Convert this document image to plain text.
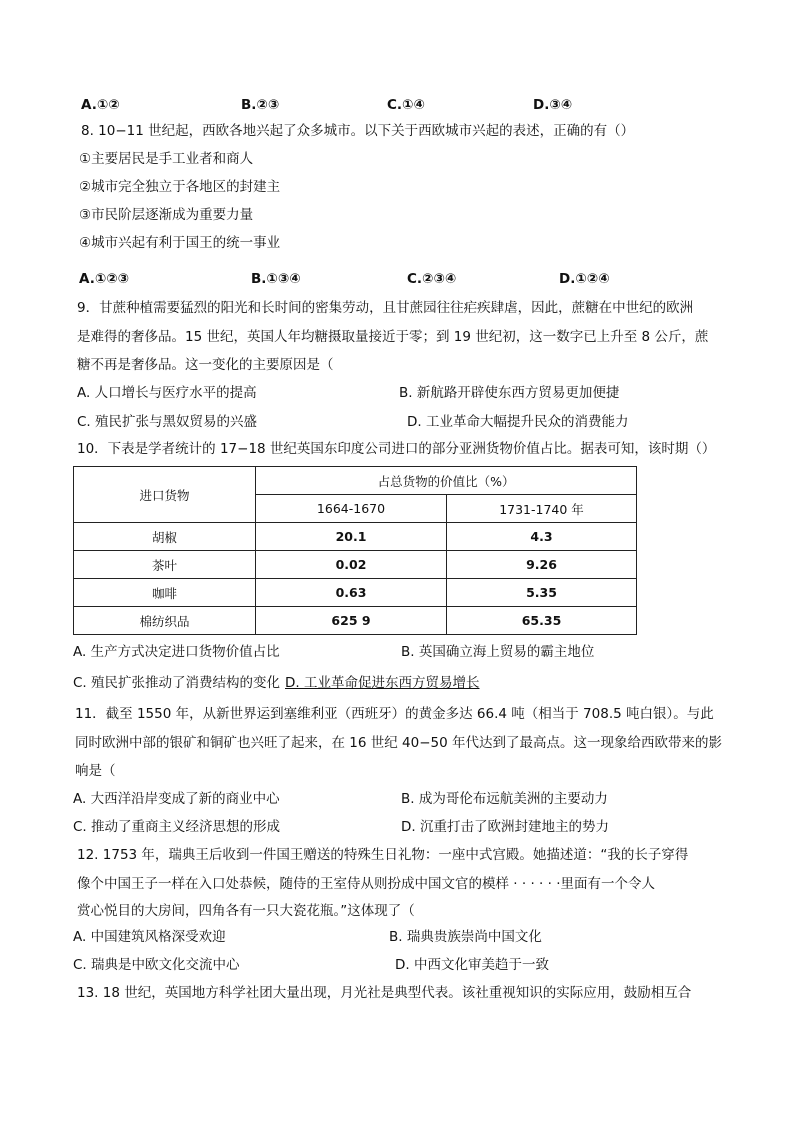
A.①②	B.②③	C.①④	D.③④
8. 10−11 世纪起，西欧各地兴起了众多城市。以下关于西欧城市兴起的表述，正确的有（）
①主要居民是手工业者和商人
②城市完全独立于各地区的封建主
③市民阶层逐渐成为重要力量
④城市兴起有利于国王的统一事业
A.①②③	B.①③④	C.②③④	D.①②④
9．甘蔗种植需要猛烈的阳光和长时间的密集劳动，且甘蔗园往往疟疾肆虐，因此，蔗糖在中世纪的欧洲
是难得的奢侈品。15 世纪，英国人年均糖摄取量接近于零；到 19 世纪初，这一数字已上升至 8 公斤，蔗
糖不再是奢侈品。这一变化的主要原因是（
A. 人口增长与医疗水平的提高	B. 新航路开辟使东西方贸易更加便捷
C. 殖民扩张与黑奴贸易的兴盛	D. 工业革命大幅提升民众的消费能力
10．下表是学者统计的 17−18 世纪英国东印度公司进口的部分亚洲货物价值占比。据表可知，该时期（）
进口货物	占总货物的价值比（%）	
	1664-1670	1731-1740 年
胡椒	20.1	4.3
茶叶	0.02	9.26
咖啡	0.63	5.35
棉纺织品	625 9	65.35
A. 生产方式决定进口货物价值占比	B. 英国确立海上贸易的霸主地位
C. 殖民扩张推动了消费结构的变化 D. 工业革命促进东西方贸易增长
11．截至 1550 年，从新世界运到塞维利亚（西班牙）的黄金多达 66.4 吨（相当于 708.5 吨白银）。与此
同时欧洲中部的银矿和铜矿也兴旺了起来，在 16 世纪 40−50 年代达到了最高点。这一现象给西欧带来的影
响是（
A. 大西洋沿岸变成了新的商业中心	B. 成为哥伦布远航美洲的主要动力
C. 推动了重商主义经济思想的形成	D. 沉重打击了欧洲封建地主的势力
12. 1753 年，瑞典王后收到一件国王赠送的特殊生日礼物：一座中式宫殿。她描述道：“我的长子穿得
像个中国王子一样在入口处恭候，随侍的王室侍从则扮成中国文官的模样 · · · · · ·里面有一个令人
赏心悦目的大房间，四角各有一只大瓷花瓶。”这体现了（
A. 中国建筑风格深受欢迎	B. 瑞典贵族崇尚中国文化
C. 瑞典是中欧文化交流中心	D. 中西文化审美趋于一致
13. 18 世纪，英国地方科学社团大量出现，月光社是典型代表。该社重视知识的实际应用，鼓励相互合
